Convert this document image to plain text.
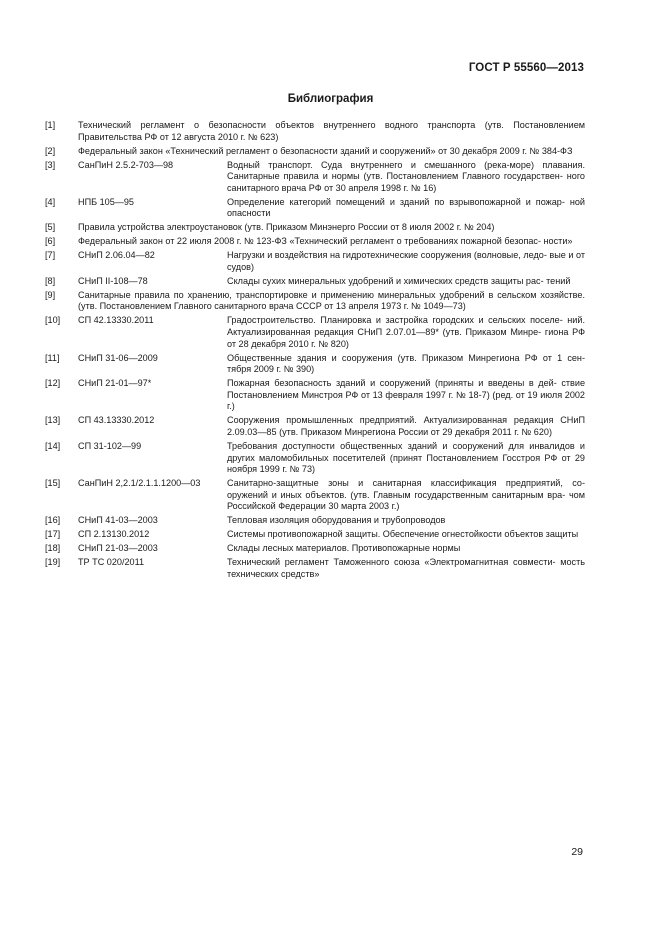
ГОСТ Р 55560—2013
Библиография
[1]	Технический регламент о безопасности объектов внутреннего водного транспорта (утв. Постановлением Правительства РФ от 12 августа 2010 г. № 623)
[2]	Федеральный закон «Технический регламент о безопасности зданий и сооружений» от 30 декабря 2009 г. № 384-ФЗ
[3]	СанПиН 2.5.2-703—98	Водный транспорт. Суда внутреннего и смешанного (река-море) плавания. Санитарные правила и нормы (утв. Постановлением Главного государствен- ного санитарного врача РФ от 30 апреля 1998 г. № 16)
[4]	НПБ 105—95	Определение категорий помещений и зданий по взрывопожарной и пожар- ной опасности
[5]	Правила устройства электроустановок (утв. Приказом Минэнерго России от 8 июля 2002 г. № 204)
[6]	Федеральный закон от 22 июля 2008 г. № 123-ФЗ «Технический регламент о требованиях пожарной безопас- ности»
[7]	СНиП 2.06.04—82	Нагрузки и воздействия на гидротехнические сооружения (волновые, ледо- вые и от судов)
[8]	СНиП II-108—78	Склады сухих минеральных удобрений и химических средств защиты рас- тений
[9]	Санитарные правила по хранению, транспортировке и применению минеральных удобрений в сельском хозяйстве. (утв. Постановлением Главного санитарного врача СССР от 13 апреля 1973 г. № 1049—73)
[10]	СП 42.13330.2011	Градостроительство. Планировка и застройка городских и сельских поселе- ний. Актуализированная редакция СНиП 2.07.01—89* (утв. Приказом Минре- гиона РФ от 28 декабря 2010 г. № 820)
[11]	СНиП 31-06—2009	Общественные здания и сооружения (утв. Приказом Минрегиона РФ от 1 сен- тября 2009 г. № 390)
[12]	СНиП 21-01—97*	Пожарная безопасность зданий и сооружений (приняты и введены в дей- ствие Постановлением Минстроя РФ от 13 февраля 1997 г. № 18-7) (ред. от 19 июля 2002 г.)
[13]	СП 43.13330.2012	Сооружения промышленных предприятий. Актуализированная редакция СНиП 2.09.03—85 (утв. Приказом Минрегиона России от 29 декабря 2011 г. № 620)
[14]	СП 31-102—99	Требования доступности общественных зданий и сооружений для инвалидов и других маломобильных посетителей (принят Постановлением Госстроя РФ от 29 ноября 1999 г. № 73)
[15]	СанПиН 2,2.1/2.1.1.1200—03	Санитарно-защитные зоны и санитарная классификация предприятий, со- оружений и иных объектов. (утв. Главным государственным санитарным вра- чом Российской Федерации 30 марта 2003 г.)
[16]	СНиП 41-03—2003	Тепловая изоляция оборудования и трубопроводов
[17]	СП 2.13130.2012	Системы противопожарной защиты. Обеспечение огнестойкости объектов защиты
[18]	СНиП 21-03—2003	Склады лесных материалов. Противопожарные нормы
[19]	ТР ТС 020/2011	Технический регламент Таможенного союза «Электромагнитная совмести- мость технических средств»
29
